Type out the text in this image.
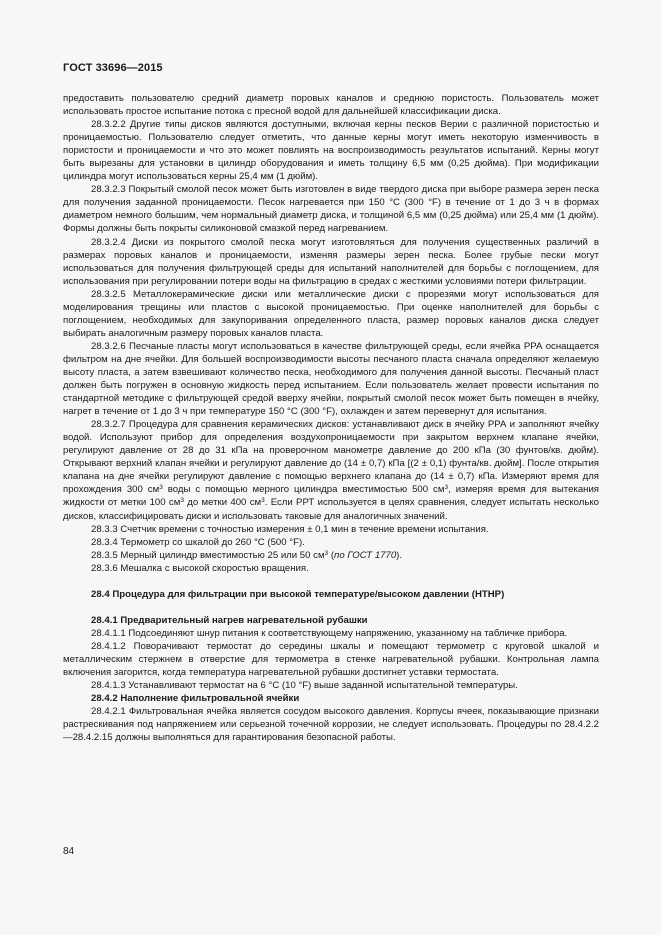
ГОСТ 33696—2015

предоставить пользователю средний диаметр поровых каналов и среднюю пористость. Пользователь может использовать простое испытание потока с пресной водой для дальнейшей классификации диска.

28.3.2.2 Другие типы дисков являются доступными, включая керны песков Верии с различной пористостью и проницаемостью. Пользователю следует отметить, что данные керны могут иметь некоторую изменчивость в пористости и проницаемости и что это может повлиять на воспроизводимость результатов испытаний. Керны могут быть вырезаны для установки в цилиндр оборудования и иметь толщину 6,5 мм (0,25 дюйма). При модификации цилиндра могут использоваться керны 25,4 мм (1 дюйм).

28.3.2.3 Покрытый смолой песок может быть изготовлен в виде твердого диска при выборе размера зерен песка для получения заданной проницаемости. Песок нагревается при 150 °С (300 °F) в течение от 1 до 3 ч в формах диаметром немного большим, чем нормальный диаметр диска, и толщиной 6,5 мм (0,25 дюйма) или 25,4 мм (1 дюйм). Формы должны быть покрыты силиконовой смазкой перед нагреванием.

28.3.2.4 Диски из покрытого смолой песка могут изготовляться для получения существенных различий в размерах поровых каналов и проницаемости, изменяя размеры зерен песка. Более грубые пески могут использоваться для получения фильтрующей среды для испытаний наполнителей для борьбы с поглощением, для использования при регулировании потери воды на фильтрацию в средах с жесткими условиями потери фильтрации.

28.3.2.5 Металлокерамические диски или металлические диски с прорезями могут использоваться для моделирования трещины или пластов с высокой проницаемостью. При оценке наполнителей для борьбы с поглощением, необходимых для закупоривания определенного пласта, размер поровых каналов диска следует выбирать аналогичным размеру поровых каналов пласта.

28.3.2.6 Песчаные пласты могут использоваться в качестве фильтрующей среды, если ячейка РРА оснащается фильтром на дне ячейки. Для большей воспроизводимости высоты песчаного пласта сначала определяют желаемую высоту пласта, а затем взвешивают количество песка, необходимого для получения данной высоты. Песчаный пласт должен быть погружен в основную жидкость перед испытанием. Если пользователь желает провести испытания по стандартной методике с фильтрующей средой вверху ячейки, покрытый смолой песок может быть помещен в ячейку, нагрет в течение от 1 до 3 ч при температуре 150 °С (300 °F), охлажден и затем перевернут для испытания.

28.3.2.7 Процедура для сравнения керамических дисков: устанавливают диск в ячейку РРА и заполняют ячейку водой. Используют прибор для определения воздухопроницаемости при закрытом верхнем клапане ячейки, регулируют давление от 28 до 31 кПа на проверочном манометре давление до 200 кПа (30 фунтов/кв. дюйм). Открывают верхний клапан ячейки и регулируют давление до (14 ± 0,7) кПа [(2 ± 0,1) фунта/кв. дюйм]. После открытия клапана на дне ячейки регулируют давление с помощью верхнего клапана до (14 ± 0,7) кПа. Измеряют время для прохождения 300 $см^3$ воды с помощью мерного цилиндра вместимостью 500 $см^3$, измеряя время для вытекания жидкости от метки 100 $см^3$ до метки 400 $см^3$. Если РРТ используется в целях сравнения, следует испытать несколько дисков, классифицировать диски и использовать таковые для аналогичных значений.

28.3.3 Счетчик времени с точностью измерения ± 0,1 мин в течение времени испытания.

28.3.4 Термометр со шкалой до 260 °С (500 °F).

28.3.5 Мерный цилиндр вместимостью 25 или 50 $см^3$ (по ГОСТ 1770).

28.3.6 Мешалка с высокой скоростью вращения.

28.4 Процедура для фильтрации при высокой температуре/высоком давлении (НТНР)

28.4.1 Предварительный нагрев нагревательной рубашки

28.4.1.1 Подсоединяют шнур питания к соответствующему напряжению, указанному на табличке прибора.

28.4.1.2 Поворачивают термостат до середины шкалы и помещают термометр с круговой шкалой и металлическим стержнем в отверстие для термометра в стенке нагревательной рубашки. Контрольная лампа включения загорится, когда температура нагревательной рубашки достигнет уставки термостата.

28.4.1.3 Устанавливают термостат на 6 °С (10 °F) выше заданной испытательной температуры.

28.4.2 Наполнение фильтровальной ячейки

28.4.2.1 Фильтровальная ячейка является сосудом высокого давления. Корпусы ячеек, показывающие признаки растрескивания под напряжением или серьезной точечной коррозии, не следует использовать. Процедуры по 28.4.2.2—28.4.2.15 должны выполняться для гарантирования безопасной работы.

84
